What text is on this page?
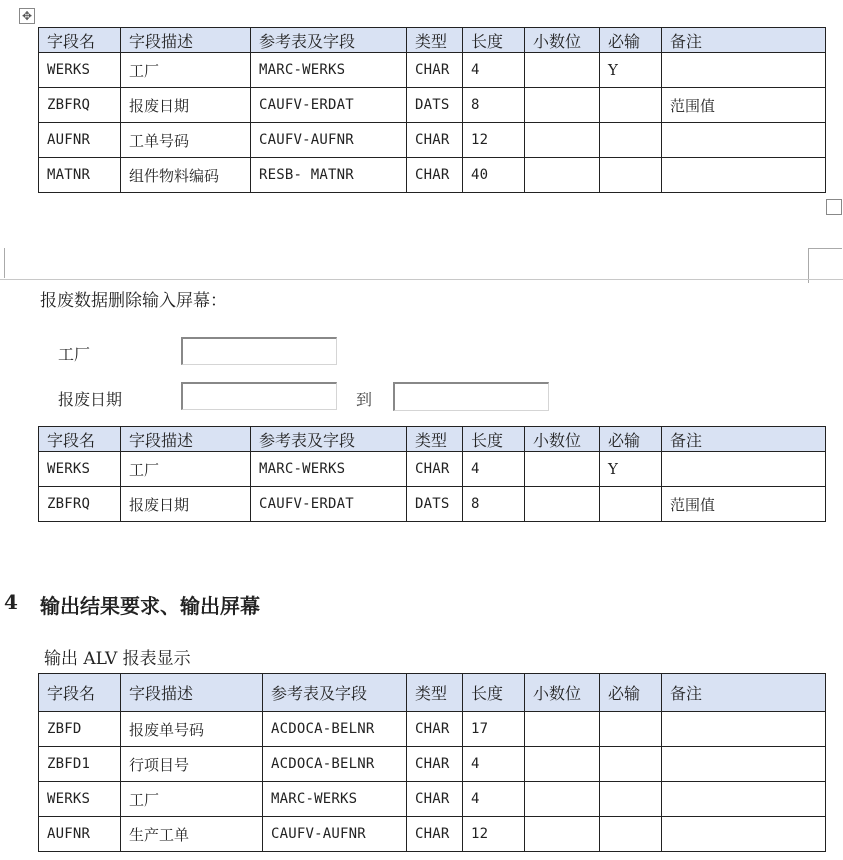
✥
字段名	字段描述	参考表及字段	类型	长度	小数位	必输	备注
WERKS	工厂	MARC-WERKS	CHAR	4		Y	
ZBFRQ	报废日期	CAUFV-ERDAT	DATS	8			范围值
AUFNR	工单号码	CAUFV-AUFNR	CHAR	12			
MATNR	组件物料编码	RESB- MATNR	CHAR	40			
报废数据删除输入屏幕：
工厂
报废日期	到
字段名	字段描述	参考表及字段	类型	长度	小数位	必输	备注
WERKS	工厂	MARC-WERKS	CHAR	4		Y	
ZBFRQ	报废日期	CAUFV-ERDAT	DATS	8			范围值
4 输出结果要求、输出屏幕
输出 ALV 报表显示
字段名	字段描述	参考表及字段	类型	长度	小数位	必输	备注
ZBFD	报废单号码	ACDOCA-BELNR	CHAR	17			
ZBFD1	行项目号	ACDOCA-BELNR	CHAR	4			
WERKS	工厂	MARC-WERKS	CHAR	4			
AUFNR	生产工单	CAUFV-AUFNR	CHAR	12			
